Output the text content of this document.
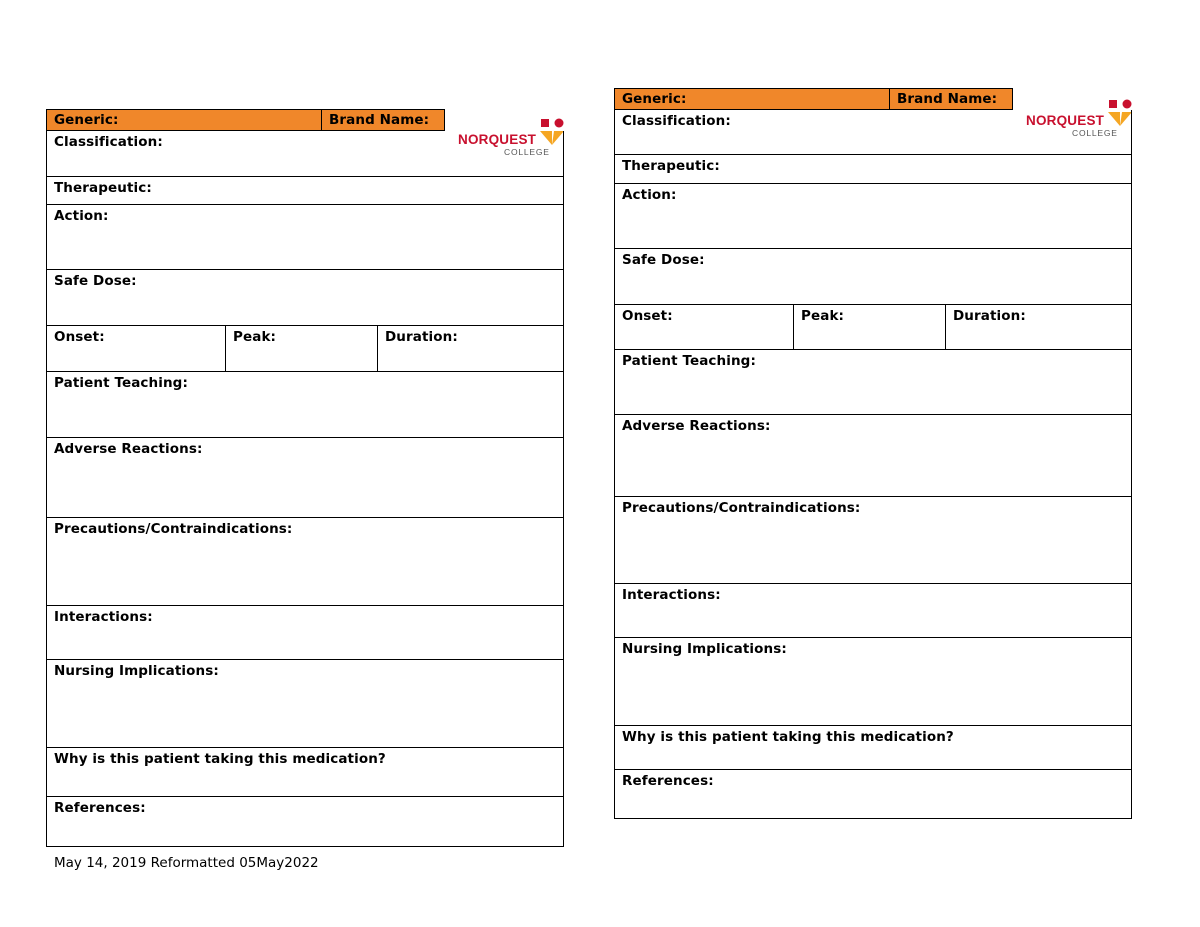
Generic:	Brand Name:
NORQUEST
COLLEGE
Classification:
Therapeutic:
Action:
Safe Dose:
Onset:	Peak:	Duration:
Patient Teaching:
Adverse Reactions:
Precautions/Contraindications:
Interactions:
Nursing Implications:
Why is this patient taking this medication?
References:
May 14, 2019 Reformatted 05May2022
Generic:	Brand Name:
NORQUEST
COLLEGE
Classification:
Therapeutic:
Action:
Safe Dose:
Onset:	Peak:	Duration:
Patient Teaching:
Adverse Reactions:
Precautions/Contraindications:
Interactions:
Nursing Implications:
Why is this patient taking this medication?
References:
